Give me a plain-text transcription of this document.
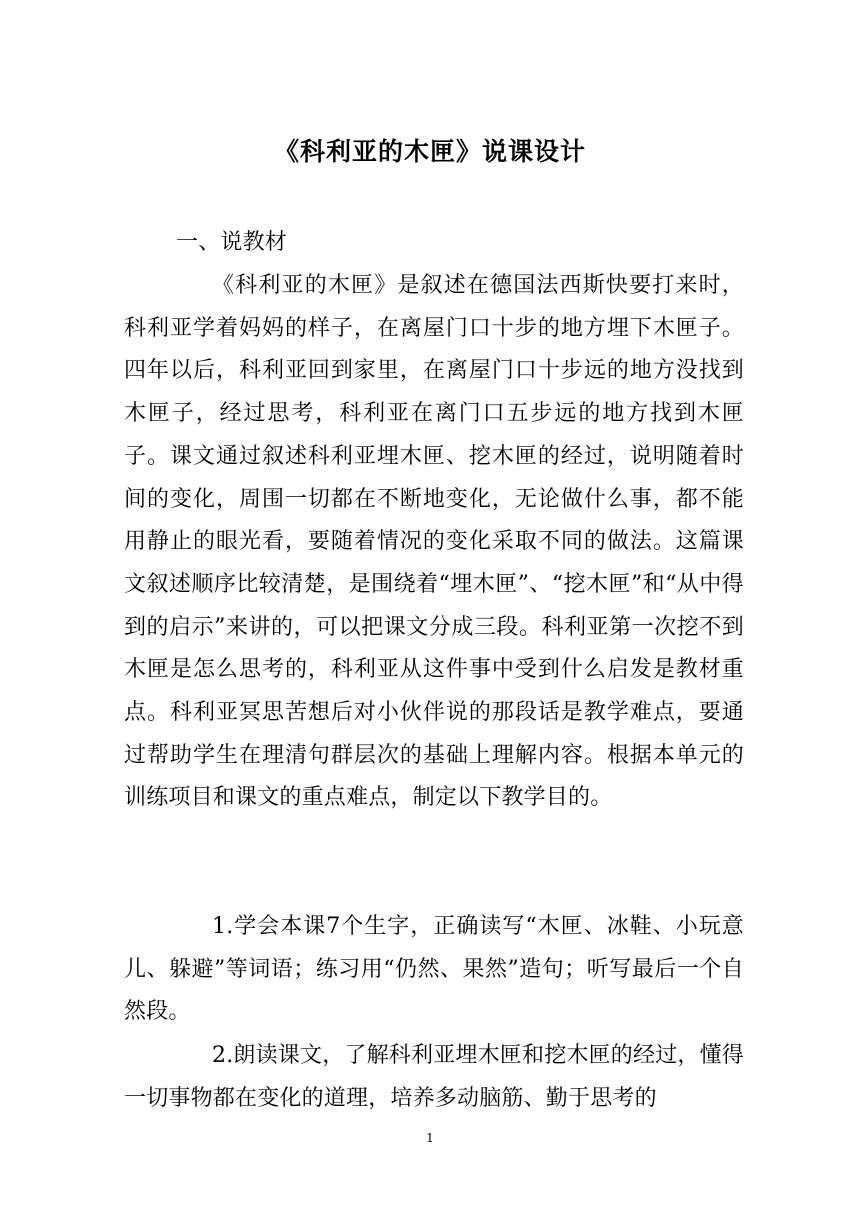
《科利亚的木匣》说课设计

一、说教材

《科利亚的木匣》是叙述在德国法西斯快要打来时，科利亚学着妈妈的样子，在离屋门口十步的地方埋下木匣子。四年以后，科利亚回到家里，在离屋门口十步远的地方没找到木匣子，经过思考，科利亚在离门口五步远的地方找到木匣子。课文通过叙述科利亚埋木匣、挖木匣的经过，说明随着时间的变化，周围一切都在不断地变化，无论做什么事，都不能用静止的眼光看，要随着情况的变化采取不同的做法。这篇课文叙述顺序比较清楚，是围绕着“埋木匣”、“挖木匣”和“从中得到的启示”来讲的，可以把课文分成三段。科利亚第一次挖不到木匣是怎么思考的，科利亚从这件事中受到什么启发是教材重点。科利亚冥思苦想后对小伙伴说的那段话是教学难点，要通过帮助学生在理清句群层次的基础上理解内容。根据本单元的训练项目和课文的重点难点，制定以下教学目的。

1.学会本课7个生字，正确读写“木匣、冰鞋、小玩意儿、躲避”等词语；练习用“仍然、果然”造句；听写最后一个自然段。

2.朗读课文，了解科利亚埋木匣和挖木匣的经过，懂得一切事物都在变化的道理，培养多动脑筋、勤于思考的

1
